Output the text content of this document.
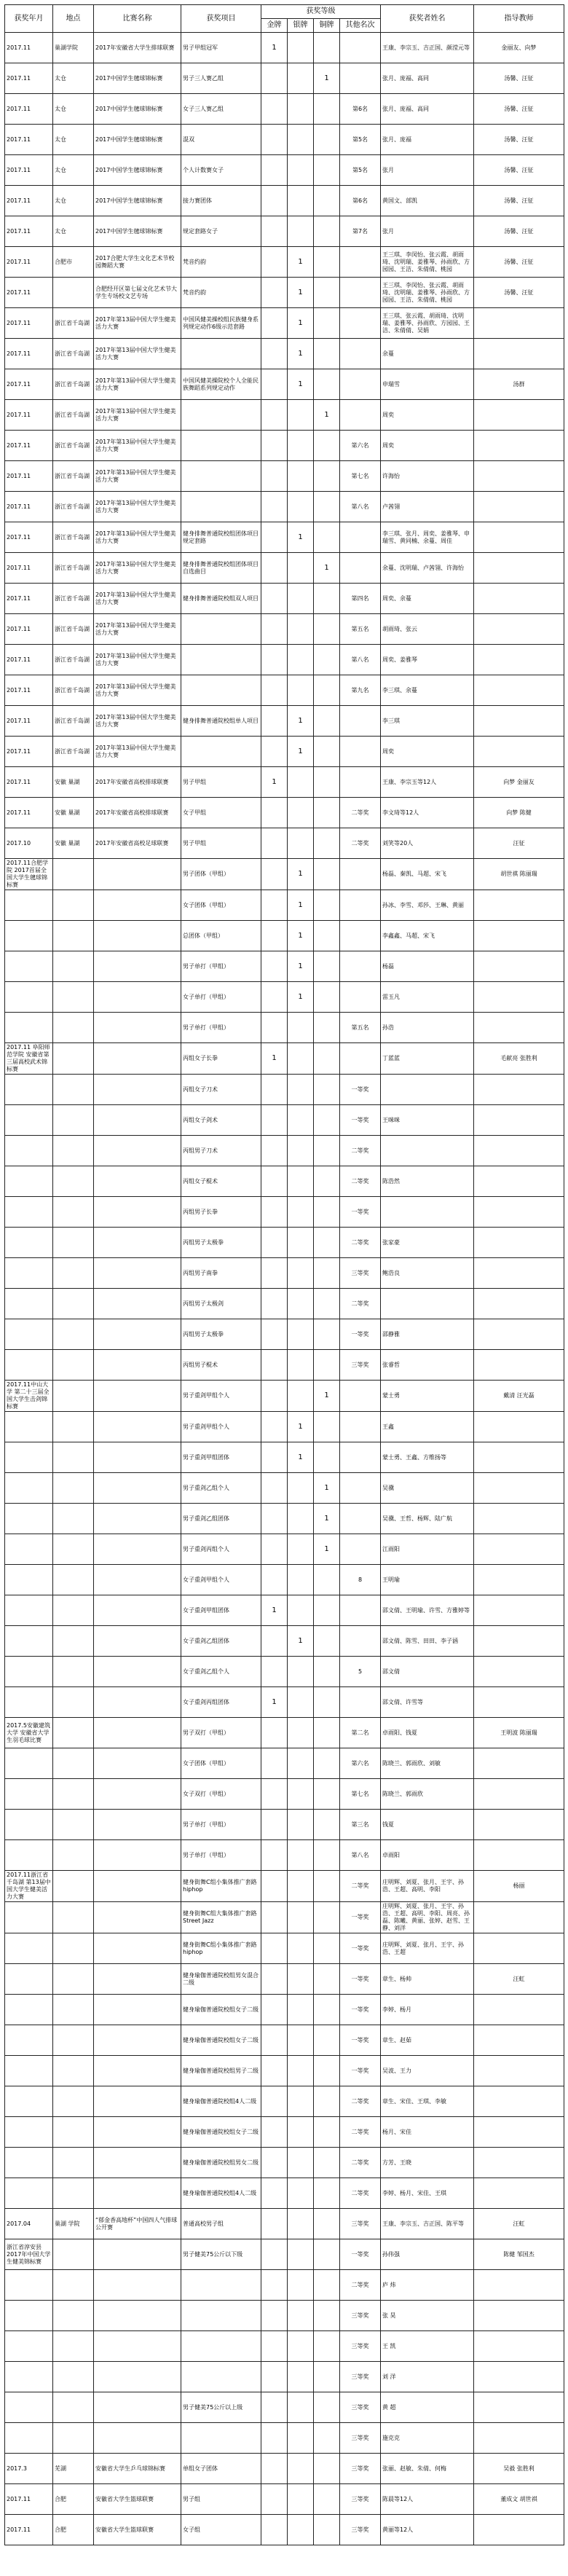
获奖年月	地点	比赛名称	获奖项目	获奖等级				获奖者姓名	指导教师
				金牌	银牌	铜牌	其他名次		
2017.11	巢湖学院	2017年安徽省大学生排球联赛	男子甲组冠军	1				王康、李宗玉、吉正国、颜滢元等	金丽友、向梦
2017.11	太仓	2017中国学生毽球锦标赛	男子三人赛乙组			1		张月、庞福、高同	汤馨、汪征
2017.11	太仓	2017中国学生毽球锦标赛	女子三人赛乙组				第6名	张月、庞福、高同	汤馨、汪征
2017.11	太仓	2017中国学生毽球锦标赛	混双				第5名	张月、庞福	汤馨、汪征
2017.11	太仓	2017中国学生毽球锦标赛	个人计数赛女子				第5名	张月	汤馨、汪征
2017.11	太仓	2017中国学生毽球锦标赛	接力赛团体				第6名	黄国文、部凯	汤馨、汪征
2017.11	太仓	2017中国学生毽球锦标赛	规定套路女子				第7名	张月	汤馨、汪征
2017.11	合肥市	2017合肥大学生文化艺术节校园舞蹈大赛	梵音约韵		1			王三琪、李闵怡、张云霞、胡雨琦、沈明瑞、姜雅琴、孙雨欣、方园园、王洁、朱倩倩、桃园	汤馨、汪征
2017.11		合肥经开区第七届文化艺术节大学生专场校文艺专场	梵音约韵		1			王三琪、李闵怡、张云霞、胡雨琦、沈明瑞、姜雅琴、孙雨欣、方园园、王洁、朱倩倩、桃园	汤馨、汪征
2017.11	浙江省千岛湖	2017年第13届中国大学生健美活力大赛	中国风健美操校组民族健身系列规定动作6级示范套路		1			王三琪、张云霞、胡雨琦、沈明瑞、姜雅琴、孙雨欣、方园园、王洁、朱倩倩、吴娟	
2017.11	浙江省千岛湖	2017年第13届中国大学生健美活力大赛			1			余蔓	
2017.11	浙江省千岛湖	2017年第13届中国大学生健美活力大赛	中国风健美操院校个人全能民族舞蹈系列规定动作		1			申瑞雪	汤群
2017.11	浙江省千岛湖	2017年第13届中国大学生健美活力大赛				1		周奕	
2017.11	浙江省千岛湖	2017年第13届中国大学生健美活力大赛					第六名	周奕	
2017.11	浙江省千岛湖	2017年第13届中国大学生健美活力大赛					第七名	许海怡	
2017.11	浙江省千岛湖	2017年第13届中国大学生健美活力大赛					第八名	卢茜翎	
2017.11	浙江省千岛湖	2017年第13届中国大学生健美活力大赛	健身排舞普通院校组团体项目规定套路		1			李三琪、张月、周奕、姜雅琴、申瑞雪、黄同楠、余蔓、周佳	
2017.11	浙江省千岛湖	2017年第13届中国大学生健美活力大赛	健身排舞普通院校组团体项目自选曲目			1		余蔓、沈明瑞、卢茜翎、许海怡	
2017.11	浙江省千岛湖	2017年第13届中国大学生健美活力大赛	健身排舞普通院校组双人项目				第四名	周奕、余蔓	
2017.11	浙江省千岛湖	2017年第13届中国大学生健美活力大赛					第五名	胡雨琦、张云	
2017.11	浙江省千岛湖	2017年第13届中国大学生健美活力大赛					第八名	周奕、姜雅琴	
2017.11	浙江省千岛湖	2017年第13届中国大学生健美活力大赛					第九名	李三琪、余蔓	
2017.11	浙江省千岛湖	2017年第13届中国大学生健美活力大赛	健身排舞普通院校组单人项目		1			李三琪	
2017.11	浙江省千岛湖	2017年第13届中国大学生健美活力大赛			1			周奕	
2017.11	安徽 巢湖	2017年安徽省高校排球联赛	男子甲组	1				王康、李宗玉等12人	向梦 金丽友
2017.11	安徽 巢湖	2017年安徽省高校排球联赛	女子甲组				二等奖	李文琦等12人	向梦 陈健
2017.10	安徽 巢湖	2017年安徽省高校足球联赛	男子甲组				二等奖	刘笑等20人	汪征
2017.11合肥学院 2017首届全国大学生毽球锦标赛			男子团体（甲组）		1			杨磊、秦凯、马超、宋飞	胡世祺 陈丽瑞
			女子团体（甲组）		1			孙冰、李雪、邓莎、王琳、黄丽	
			总团体（甲组）		1			李鑫鑫、马超、宋飞	
			男子单打（甲组）		1			杨磊	
			女子单打（甲组）		1			雷玉凡	
			男子单打（甲组）				第五名	孙浩	
2017.11 阜阳师范学院 安徽省第三届高校武术锦标赛			丙组女子长拳	1				丁蓝蓝	毛献亮 张胜利
			丙组女子刀术				一等奖		
			丙组女子剑术				一等奖	王咪咪	
			丙组男子刀术				二等奖		
			丙组女子棍术				二等奖	陈浩然	
			丙组男子长拳				一等奖		
			丙组男子太极拳				二等奖	张家豪	
			丙组男子南拳				三等奖	鲍浩良	
			丙组男子太极剑				二等奖		
			丙组男子太极拳				一等奖	邵静雅	
			丙组男子棍术				三等奖	张睿哲	
2017.11中山大学 第二十三届全国大学生击剑锦标赛			男子重剑甲组个人			1		蒙士勇	戴清 汪光磊
			男子重剑甲组个人		1			王鑫	
			男子重剑甲组团体		1			蒙士勇、王鑫、方维扬等	
			男子重剑乙组个人			1		吴骥	
			男子重剑乙组团体			1		吴骥、王哲、杨辉、陆广航	
			男子重剑丙组个人			1		江雨阳	
			女子重剑甲组个人				8	王明瑜	
			女子重剑甲组团体	1				邵文倩、王明瑜、许雪、方雅婷等	
			女子重剑乙组团体		1			邵文倩、陈雪、田田、李子涵	
			女子重剑乙组个人				5	邵文倩	
			女子重剑丙组团体	1				邵文倩、许雪等	
2017.5安徽建筑大学 安徽省大学生羽毛球比赛			男子双打（甲组）				第二名	卓雨阳、钱夏	王明波 陈丽瑞
			女子团体（甲组）				第六名	陈晓兰、郭雨欣、刘敏	
			女子双打（甲组）				第七名	陈晓兰、郭雨欣	
			男子单打（甲组）				第三名	钱夏	
			男子单打（甲组）				第八名	卓雨阳	
2017.11浙江省千岛湖 第13届中国大学生健美活力大赛			健身街舞C组小集体推广套路hiphop				二等奖	庄明辉、刘夏、张月、王宇、孙浩、王超、高明、李阳	杨丽
			健身街舞C组大集体推广套路Street Jazz				一等奖	庄明辉、刘夏、张月、王宇、孙浩、王超、高明、李阳、周亮、孙磊、陈曦、黄丽、张婷、赵雪、王静、刘洋	
			健身街舞C组小集体推广套路hiphop				一等奖	庄明辉、刘夏、张月、王宇、孙浩、王超	
			健身瑜伽普通院校组男女混合二级				一等奖	章生、杨帅	汪虹
			健身瑜伽普通院校组女子二级				一等奖	李婷、杨月	
			健身瑜伽普通院校组女子二级				一等奖	章生、赵茹	
			健身瑜伽普通院校组男子二级				一等奖	吴波、王力	
			健身瑜伽普通院校组4人二级				二等奖	章生、宋佳、王琪、李敏	
			健身瑜伽普通院校组女子二级				二等奖	杨月、宋佳	
			健身瑜伽普通院校组男女二级				二等奖	方芳、王晓	
			健身瑜伽普通院校组4人二级				二等奖	李婷、杨月、宋佳、王琪	
2017.04	巢湖 学院	“郁金香高地杯”中国四人气排球公开赛	普通高校男子组				三等奖	王康、李宗玉、吉正国、陈平等	汪虹
浙江省淳安县 2017年中国大学生健美锦标赛			男子健美75公斤以下级				一等奖	孙伟强	陈健 邹国杰
							二等奖	庐 炜	
							三等奖	张 昊	
							三等奖	王 凯	
							三等奖	刘 洋	
			男子健美75公斤以上级				三等奖	黄 超	
							三等奖	施克克	
2017.3	芜湖	安徽省大学生乒乓球锦标赛	单组女子团体				三等奖	张丽、赵敏、朱倩、何梅	吴毅 张胜利
2017.11	合肥	安徽省大学生篮球联赛	男子组				三等奖	陈晨等12人	董成文 胡世祺
2017.11	合肥	安徽省大学生篮球联赛	女子组				三等奖	黄丽等12人	
